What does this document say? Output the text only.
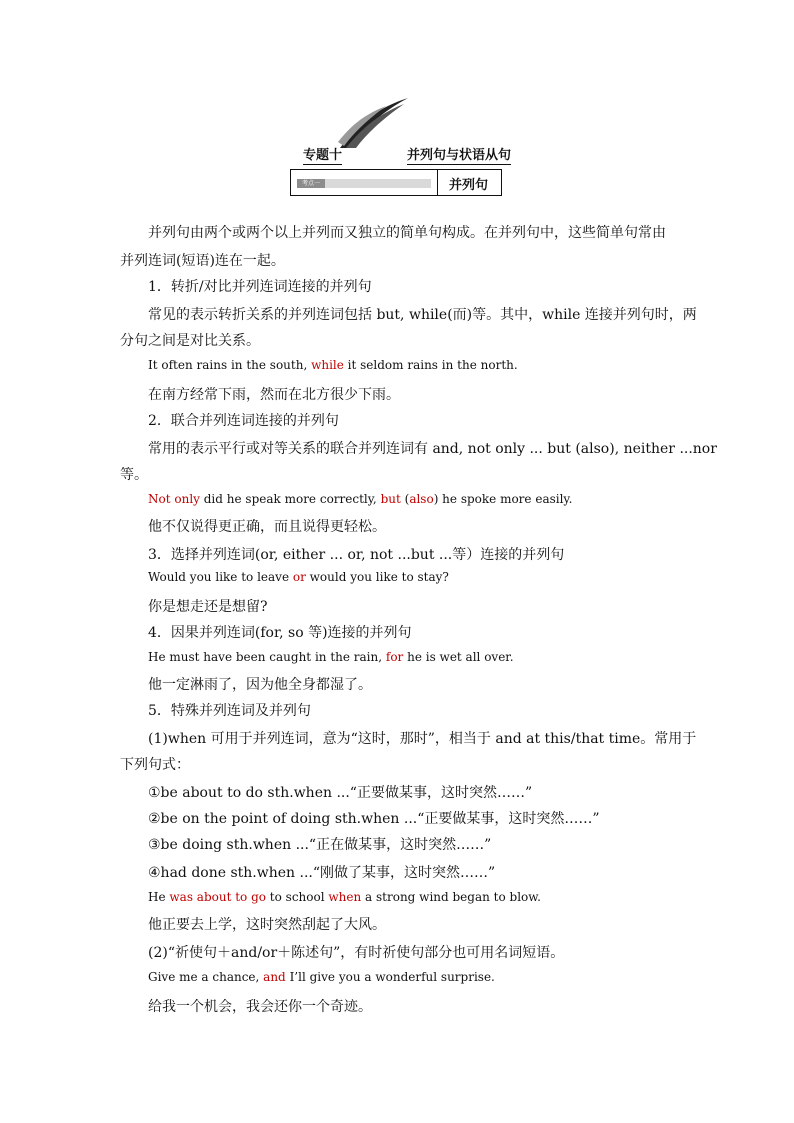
专题十	并列句与状语从句
考点一	并列句
并列句由两个或两个以上并列而又独立的简单句构成。在并列句中，这些简单句常由
并列连词(短语)连在一起。
1．转折/对比并列连词连接的并列句
常见的表示转折关系的并列连词包括 but, while(而)等。其中，while 连接并列句时，两
分句之间是对比关系。
It often rains in the south, while it seldom rains in the north.
在南方经常下雨，然而在北方很少下雨。
2．联合并列连词连接的并列句
常用的表示平行或对等关系的联合并列连词有 and, not only ... but (also), neither ...nor
等。
Not only did he speak more correctly, but (also) he spoke more easily.
他不仅说得更正确，而且说得更轻松。
3．选择并列连词(or, either ... or, not ...but ...等）连接的并列句
Would you like to leave or would you like to stay?
你是想走还是想留?
4．因果并列连词(for, so 等)连接的并列句
He must have been caught in the rain, for he is wet all over.
他一定淋雨了，因为他全身都湿了。
5．特殊并列连词及并列句
(1)when 可用于并列连词，意为“这时，那时”，相当于 and at this/that time。常用于
下列句式：
①be about to do sth.when ...“正要做某事，这时突然……”
②be on the point of doing sth.when ...“正要做某事，这时突然……”
③be doing sth.when ...“正在做某事，这时突然……”
④had done sth.when ...“刚做了某事，这时突然……”
He was about to go to school when a strong wind began to blow.
他正要去上学，这时突然刮起了大风。
(2)“祈使句＋and/or＋陈述句”，有时祈使句部分也可用名词短语。
Give me a chance, and I’ll give you a wonderful surprise.
给我一个机会，我会还你一个奇迹。
